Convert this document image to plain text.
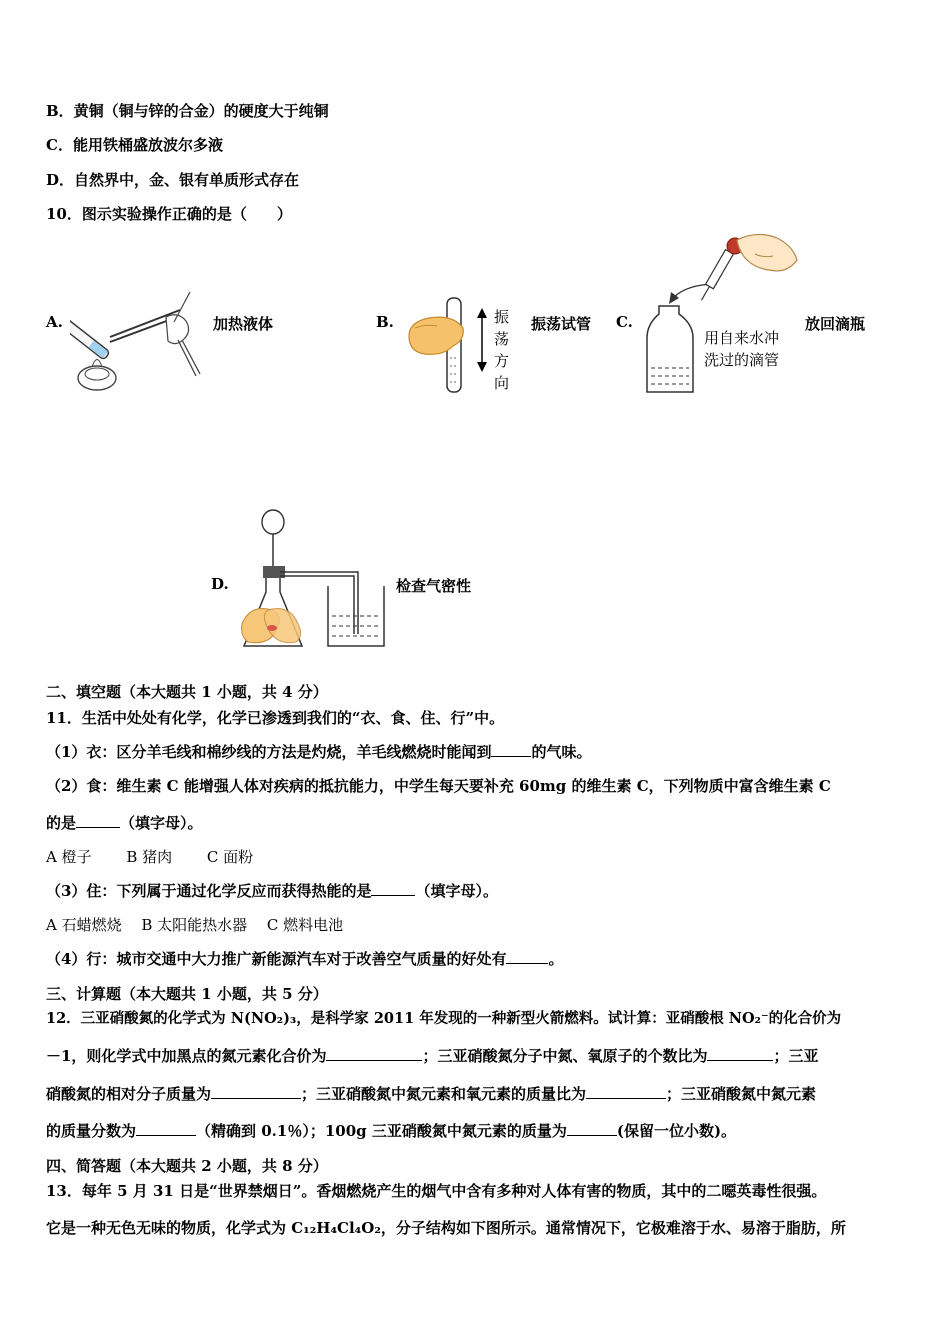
B．黄铜（铜与锌的合金）的硬度大于纯铜
C．能用铁桶盛放波尔多液
D．自然界中，金、银有单质形式存在
10．图示实验操作正确的是（　　）
A.	加热液体	B.	振荡方向
振荡试管 C.
用自来水冲
洗过的滴管
放回滴瓶
D.	检查气密性
二、填空题（本大题共 1 小题，共 4 分）
11．生活中处处有化学，化学已渗透到我们的“衣、食、住、行”中。
（1）衣：区分羊毛线和棉纱线的方法是灼烧，羊毛线燃烧时能闻到	的气味。
（2）食：维生素 C 能增强人体对疾病的抵抗能力，中学生每天要补充 60mg 的维生素 C，下列物质中富含维生素 C
的是	（填字母）。
A 橙子　　 B 猪肉　　 C 面粉
（3）住：下列属于通过化学反应而获得热能的是	（填字母）。
A 石蜡燃烧　 B 太阳能热水器　 C 燃料电池
（4）行：城市交通中大力推广新能源汽车对于改善空气质量的好处有	。
三、计算题（本大题共 1 小题，共 5 分）
12．三亚硝酸氮的化学式为 N(NO₂)₃，是科学家 2011 年发现的一种新型火箭燃料。试计算：亚硝酸根 NO₂⁻的化合价为
－1，则化学式中加黑点的氮元素化合价为	；三亚硝酸氮分子中氮、氧原子的个数比为	；三亚
硝酸氮的相对分子质量为	；三亚硝酸氮中氮元素和氧元素的质量比为	；三亚硝酸氮中氮元素
的质量分数为	（精确到 0.1％）；100g 三亚硝酸氮中氮元素的质量为	(保留一位小数)。
四、简答题（本大题共 2 小题，共 8 分）
13．每年 5 月 31 日是“世界禁烟日”。香烟燃烧产生的烟气中含有多种对人体有害的物质，其中的二噁英毒性很强。
它是一种无色无味的物质，化学式为 C₁₂H₄Cl₄O₂，分子结构如下图所示。通常情况下，它极难溶于水、易溶于脂肪，所
